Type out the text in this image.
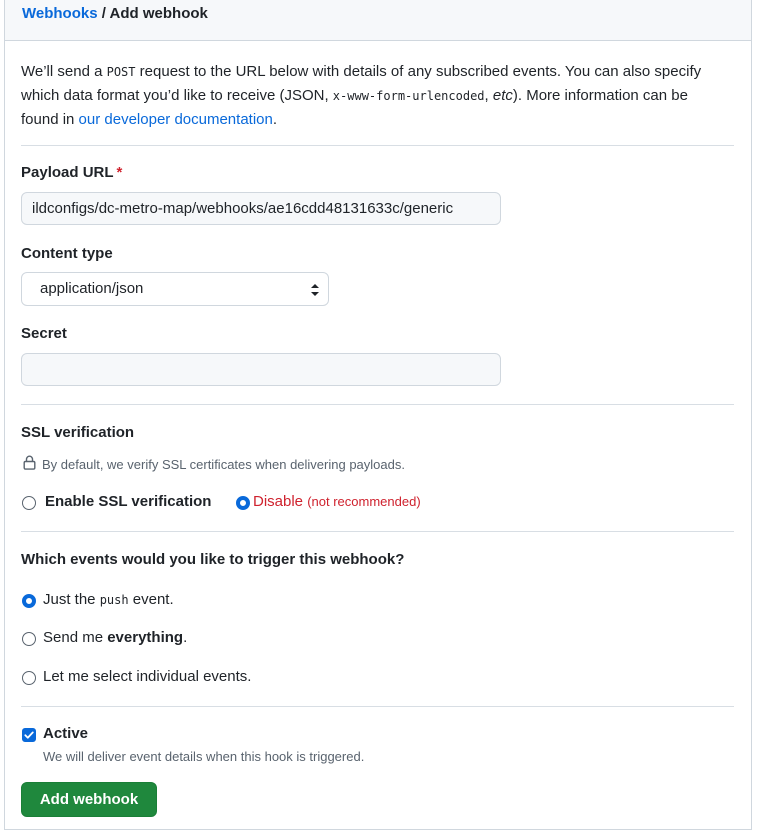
Webhooks / Add webhook
We’ll send a POST request to the URL below with details of any subscribed events. You can also specify which data format you’d like to receive (JSON, x-www-form-urlencoded, etc). More information can be found in our developer documentation.
Payload URL *
ildconfigs/dc-metro-map/webhooks/ae16cdd48131633c/generic
Content type
application/json
Secret
SSL verification
By default, we verify SSL certificates when delivering payloads.
Enable SSL verification	Disable (not recommended)
Which events would you like to trigger this webhook?
Just the push event.
Send me everything.
Let me select individual events.
Active
We will deliver event details when this hook is triggered.
Add webhook
